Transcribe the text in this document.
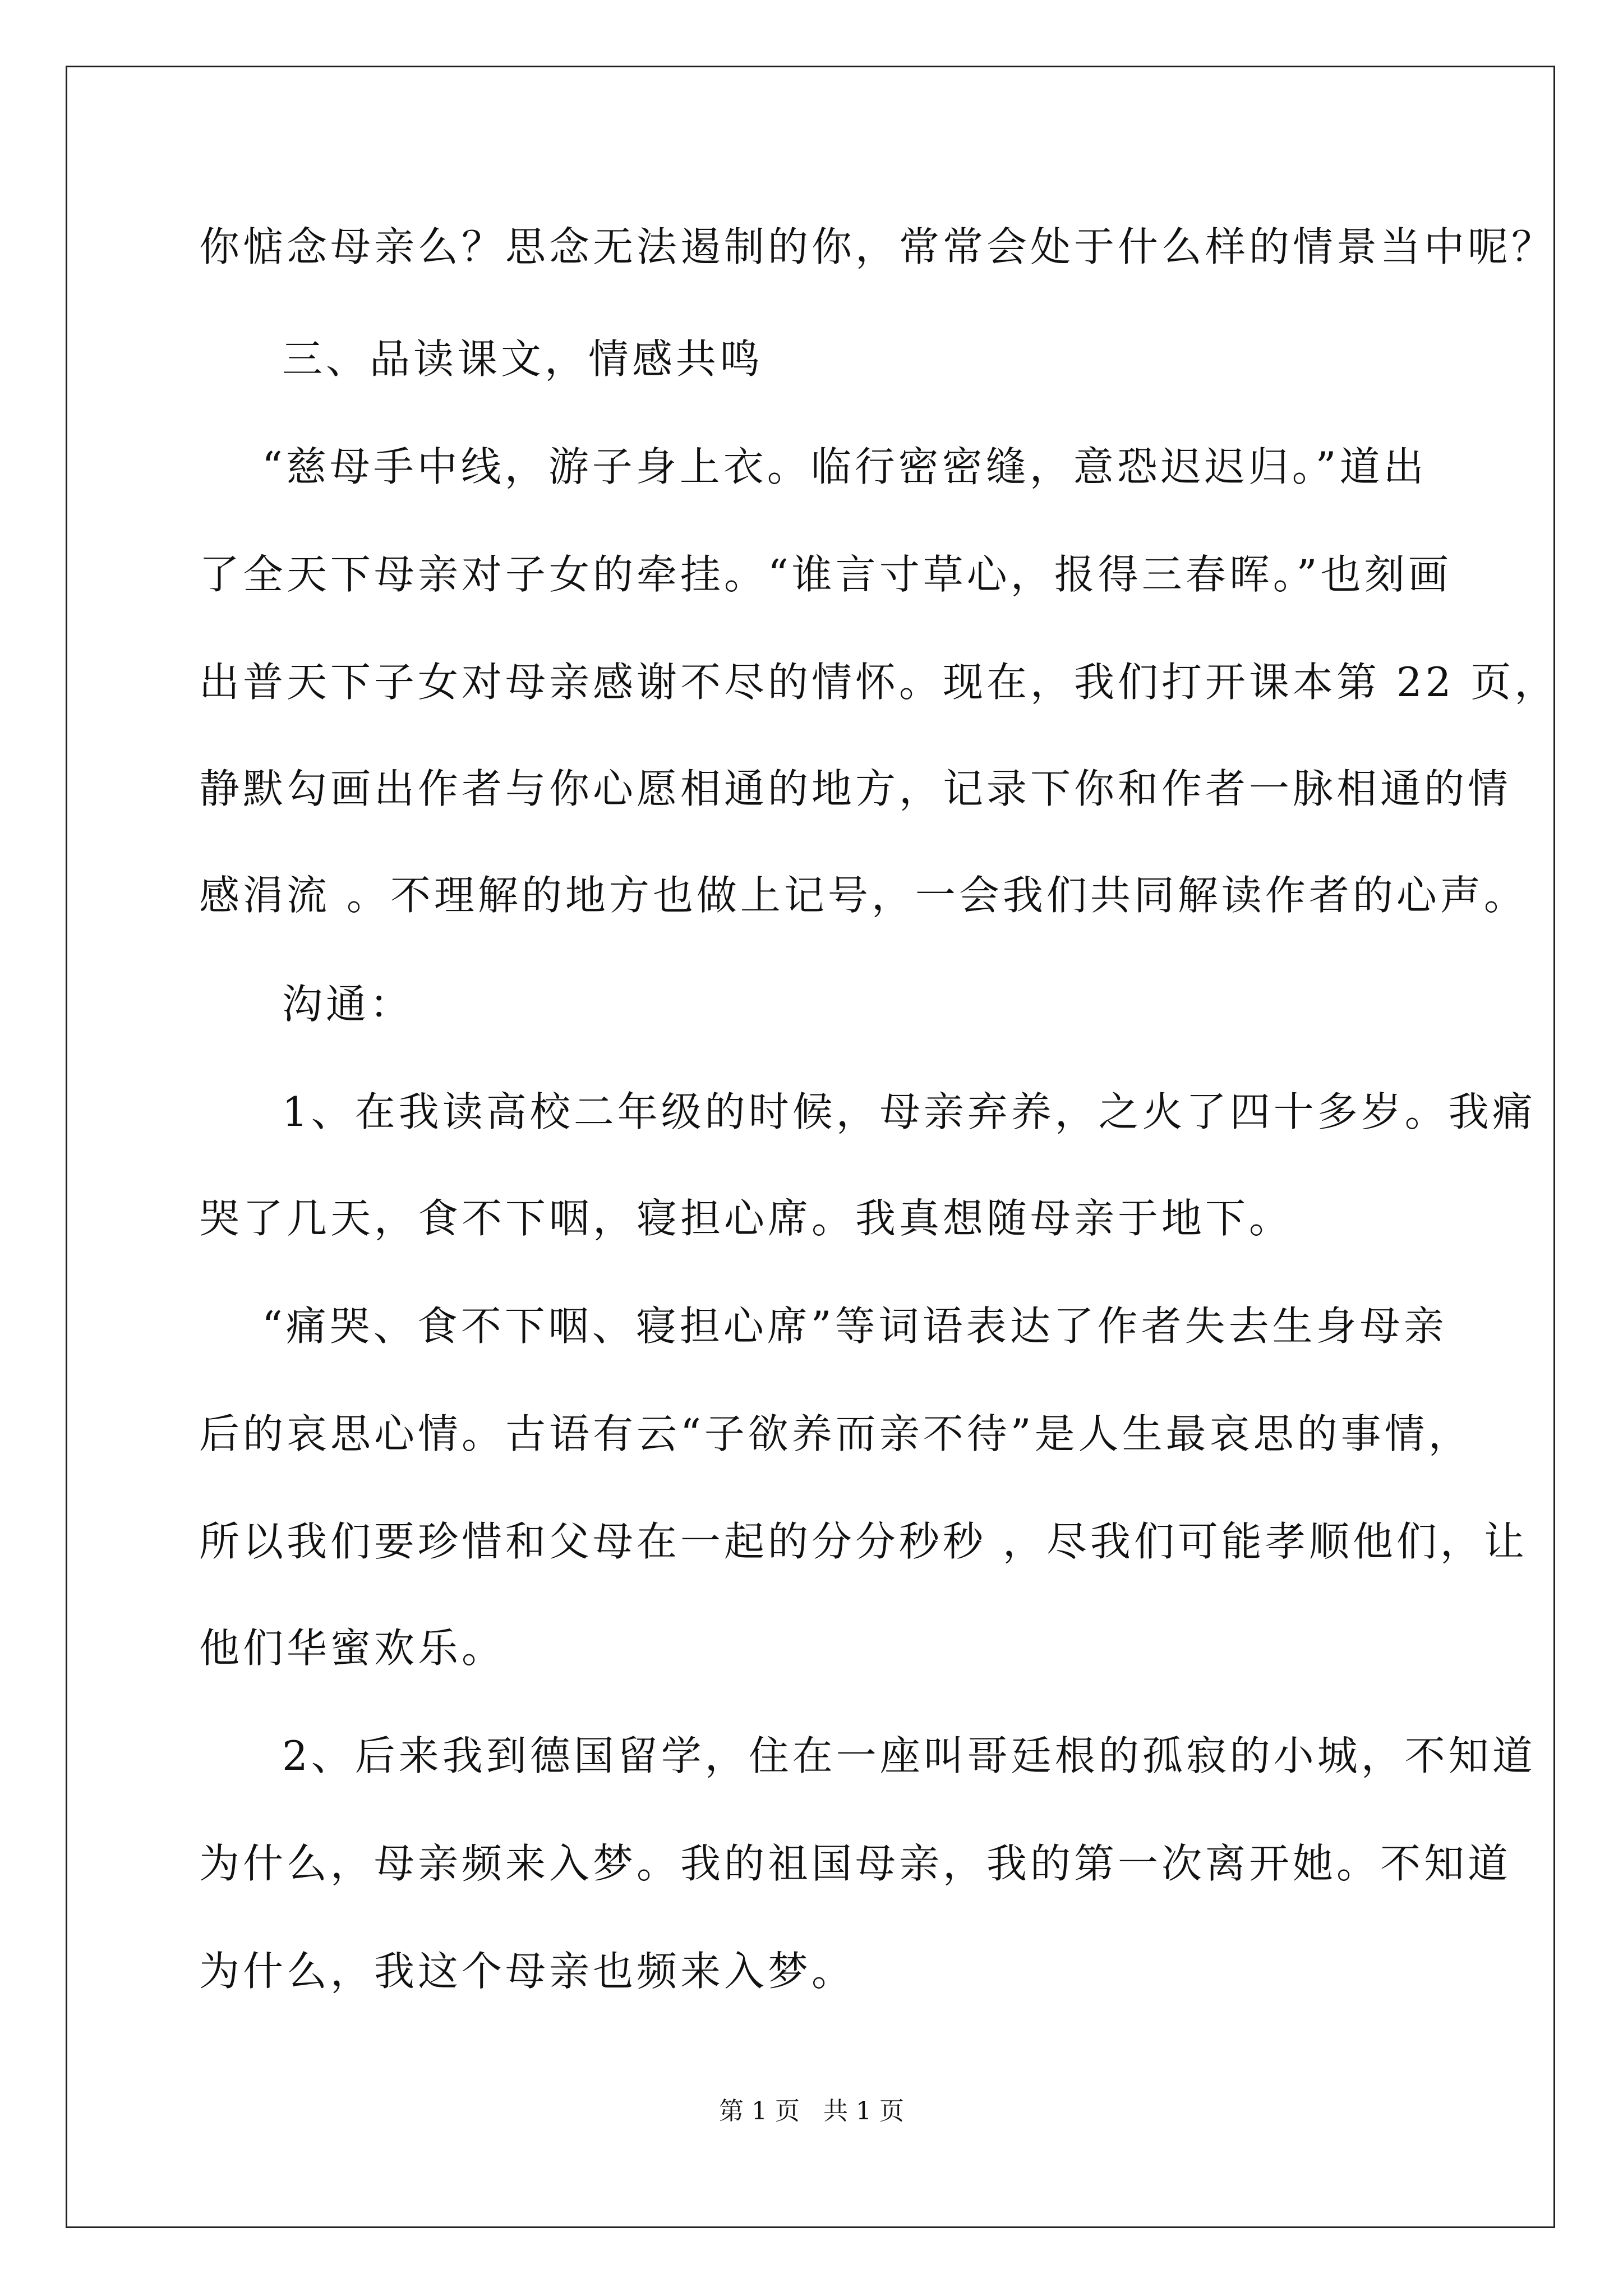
你惦念母亲么？思念无法遏制的你，常常会处于什么样的情景当中呢？
三、品读课文，情感共鸣
“慈母手中线，游子身上衣。临行密密缝，意恐迟迟归。”道出
了全天下母亲对子女的牵挂。“谁言寸草心，报得三春晖。”也刻画
出普天下子女对母亲感谢不尽的情怀。现在，我们打开课本第 22 页，
静默勾画出作者与你心愿相通的地方，记录下你和作者一脉相通的情
感涓流 。不理解的地方也做上记号，一会我们共同解读作者的心声。
沟通：
1、在我读高校二年级的时候，母亲弃养，之火了四十多岁。我痛
哭了几天，食不下咽，寝担心席。我真想随母亲于地下。
“痛哭、食不下咽、寝担心席”等词语表达了作者失去生身母亲
后的哀思心情。古语有云“子欲养而亲不待”是人生最哀思的事情，
所以我们要珍惜和父母在一起的分分秒秒 ，尽我们可能孝顺他们，让
他们华蜜欢乐。
2、后来我到德国留学，住在一座叫哥廷根的孤寂的小城，不知道
为什么，母亲频来入梦。我的祖国母亲，我的第一次离开她。不知道
为什么，我这个母亲也频来入梦。
第 1 页 共 1 页
